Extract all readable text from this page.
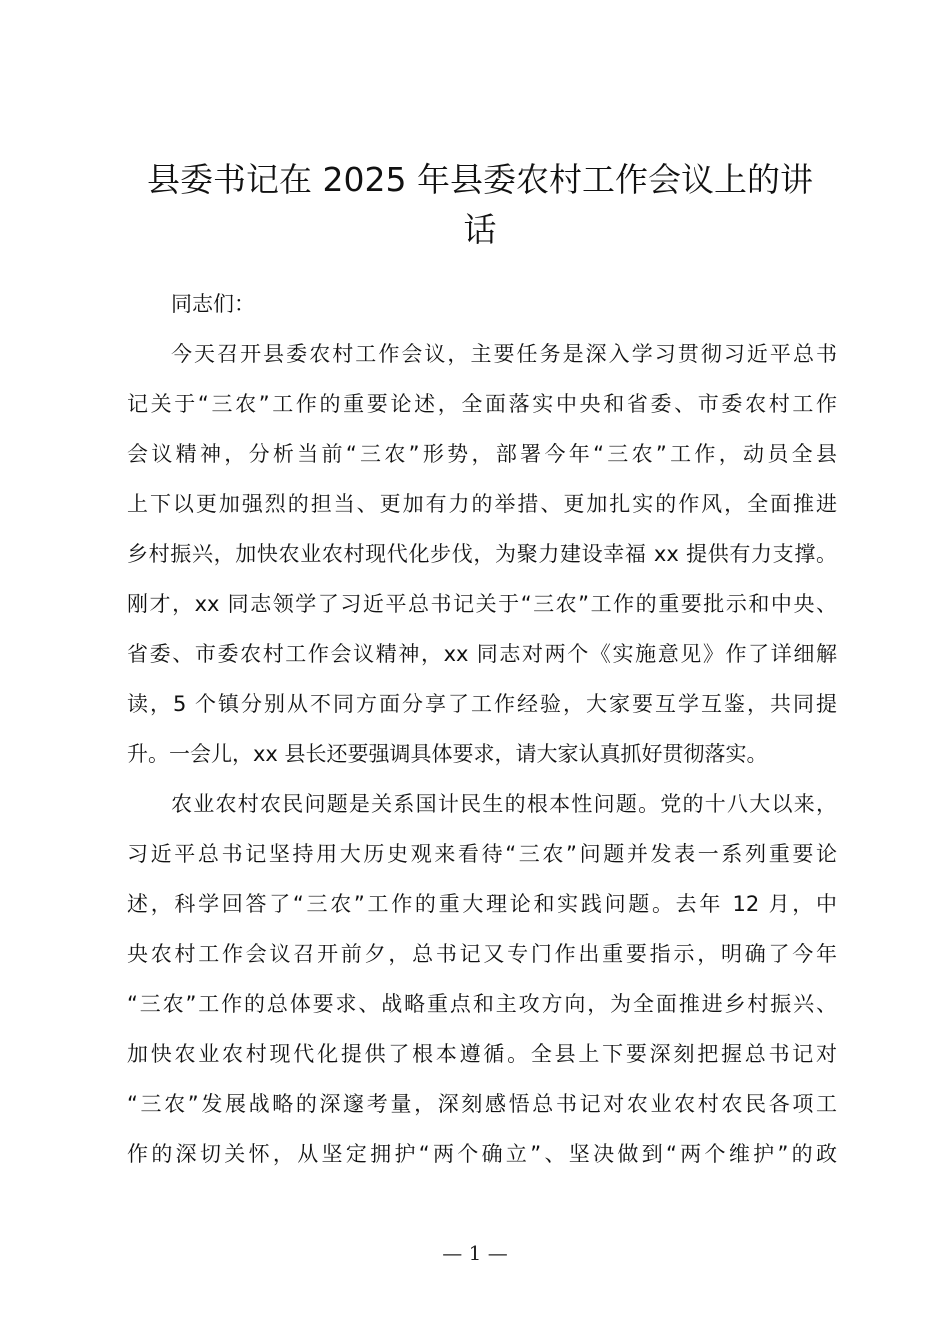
县委书记在 2025 年县委农村工作会议上的讲
话
同志们：
今天召开县委农村工作会议，主要任务是深入学习贯彻习近平总书
记关于“三农”工作的重要论述，全面落实中央和省委、市委农村工作
会议精神，分析当前“三农”形势，部署今年“三农”工作，动员全县
上下以更加强烈的担当、更加有力的举措、更加扎实的作风，全面推进
乡村振兴，加快农业农村现代化步伐，为聚力建设幸福 xx 提供有力支撑。
刚才，xx 同志领学了习近平总书记关于“三农”工作的重要批示和中央、
省委、市委农村工作会议精神，xx 同志对两个《实施意见》作了详细解
读，5 个镇分别从不同方面分享了工作经验，大家要互学互鉴，共同提
升。一会儿，xx 县长还要强调具体要求，请大家认真抓好贯彻落实。
农业农村农民问题是关系国计民生的根本性问题。党的十八大以来，
习近平总书记坚持用大历史观来看待“三农”问题并发表一系列重要论
述，科学回答了“三农”工作的重大理论和实践问题。去年 12 月，中
央农村工作会议召开前夕，总书记又专门作出重要指示，明确了今年
“三农”工作的总体要求、战略重点和主攻方向，为全面推进乡村振兴、
加快农业农村现代化提供了根本遵循。全县上下要深刻把握总书记对
“三农”发展战略的深邃考量，深刻感悟总书记对农业农村农民各项工
作的深切关怀，从坚定拥护“两个确立”、坚决做到“两个维护”的政
— 1 —
